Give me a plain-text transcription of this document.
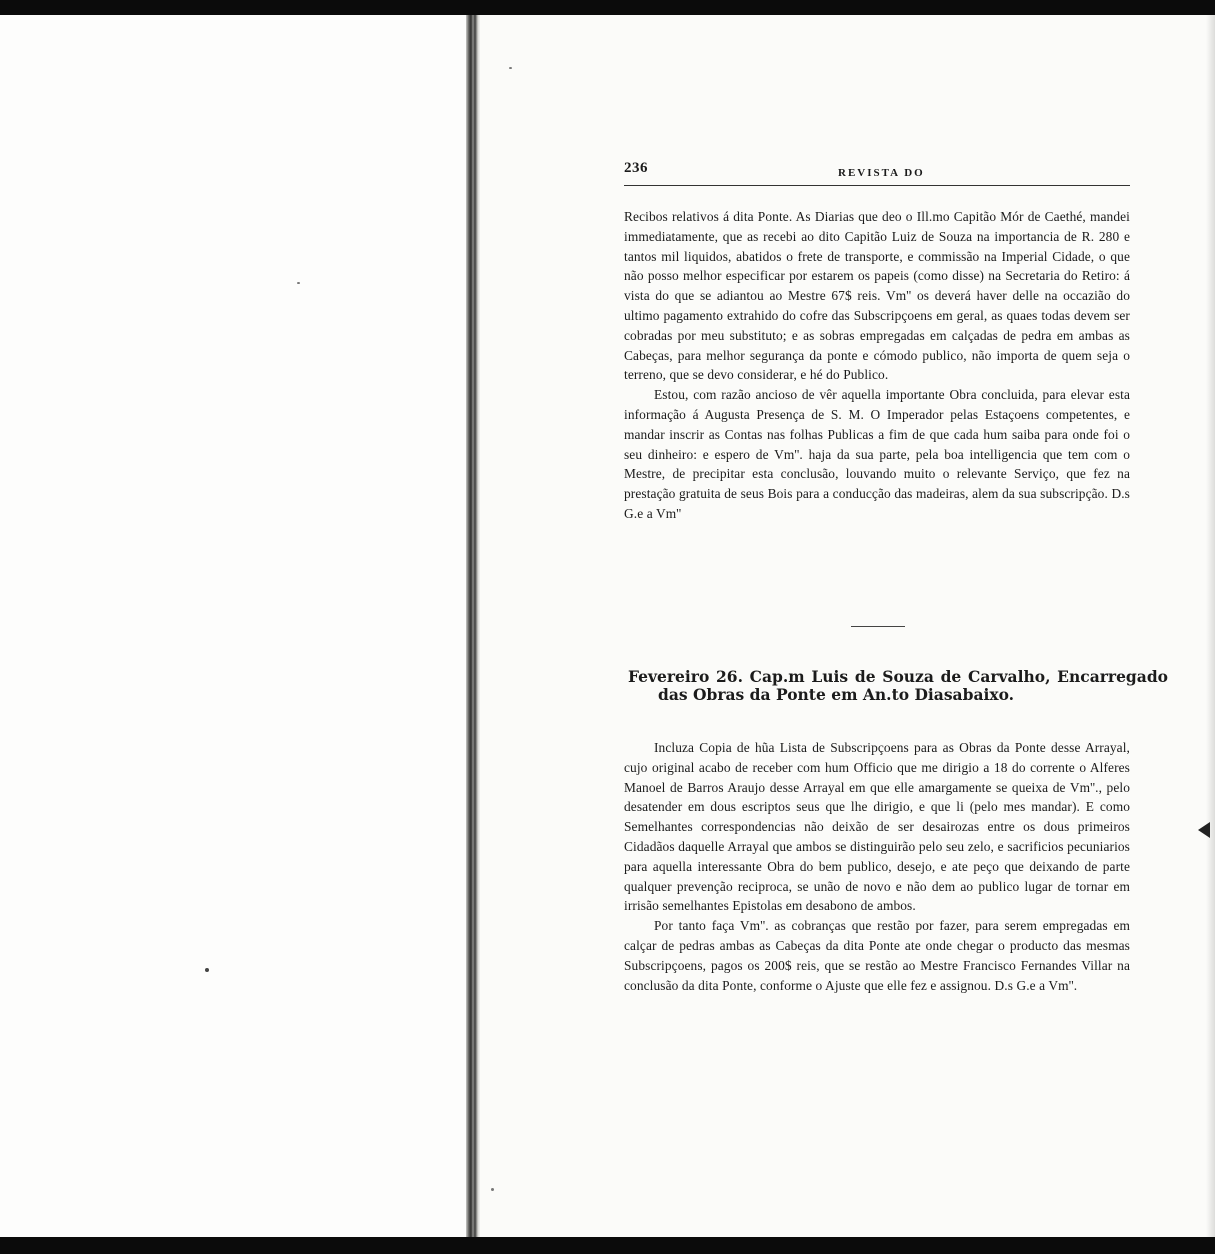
236	REVISTA DO

Recibos relativos á dita Ponte. As Diarias que deo o Ill.mo Capitão Mór de Caethé, mandei immediatamente, que as recebi ao dito Capitão Luiz de Souza na importancia de R. 280 e tantos mil liquidos, abatidos o frete de transporte, e commissão na Imperial Cidade, o que não posso melhor especificar por estarem os papeis (como disse) na Secretaria do Retiro: á vista do que se adiantou ao Mestre 67$ reis. Vm'' os deverá haver delle na occazião do ultimo pagamento extrahido do cofre das Subscripçoens em geral, as quaes todas devem ser cobradas por meu substituto; e as sobras empregadas em calçadas de pedra em ambas as Cabeças, para melhor segurança da ponte e cómodo publico, não importa de quem seja o terreno, que se devo considerar, e hé do Publico.

Estou, com razão ancioso de vêr aquella importante Obra concluida, para elevar esta informação á Augusta Presença de S. M. O Imperador pelas Estaçoens competentes, e mandar inscrir as Contas nas folhas Publicas a fim de que cada hum saiba para onde foi o seu dinheiro: e espero de Vm''. haja da sua parte, pela boa intelligencia que tem com o Mestre, de precipitar esta conclusão, louvando muito o relevante Serviço, que fez na prestação gratuita de seus Bois para a conducção das madeiras, alem da sua subscripção. D.s G.e a Vm''

Fevereiro 26. Cap.m Luis de Souza de Carvalho, Encarregado das Obras da Ponte em An.to Diasabaixo.

Incluza Copia de hũa Lista de Subscripçoens para as Obras da Ponte desse Arrayal, cujo original acabo de receber com hum Officio que me dirigio a 18 do corrente o Alferes Manoel de Barros Araujo desse Arrayal em que elle amargamente se queixa de Vm''., pelo desatender em dous escriptos seus que lhe dirigio, e que li (pelo mes mandar). E como Semelhantes correspondencias não deixão de ser desairozas entre os dous primeiros Cidadãos daquelle Arrayal que ambos se distinguirão pelo seu zelo, e sacrificios pecuniarios para aquella interessante Obra do bem publico, desejo, e ate peço que deixando de parte qualquer prevenção reciproca, se unão de novo e não dem ao publico lugar de tornar em irrisão semelhantes Epistolas em desabono de ambos.

Por tanto faça Vm''. as cobranças que restão por fazer, para serem empregadas em calçar de pedras ambas as Cabeças da dita Ponte ate onde chegar o producto das mesmas Subscripçoens, pagos os 200$ reis, que se restão ao Mestre Francisco Fernandes Villar na conclusão da dita Ponte, conforme o Ajuste que elle fez e assignou. D.s G.e a Vm''.
